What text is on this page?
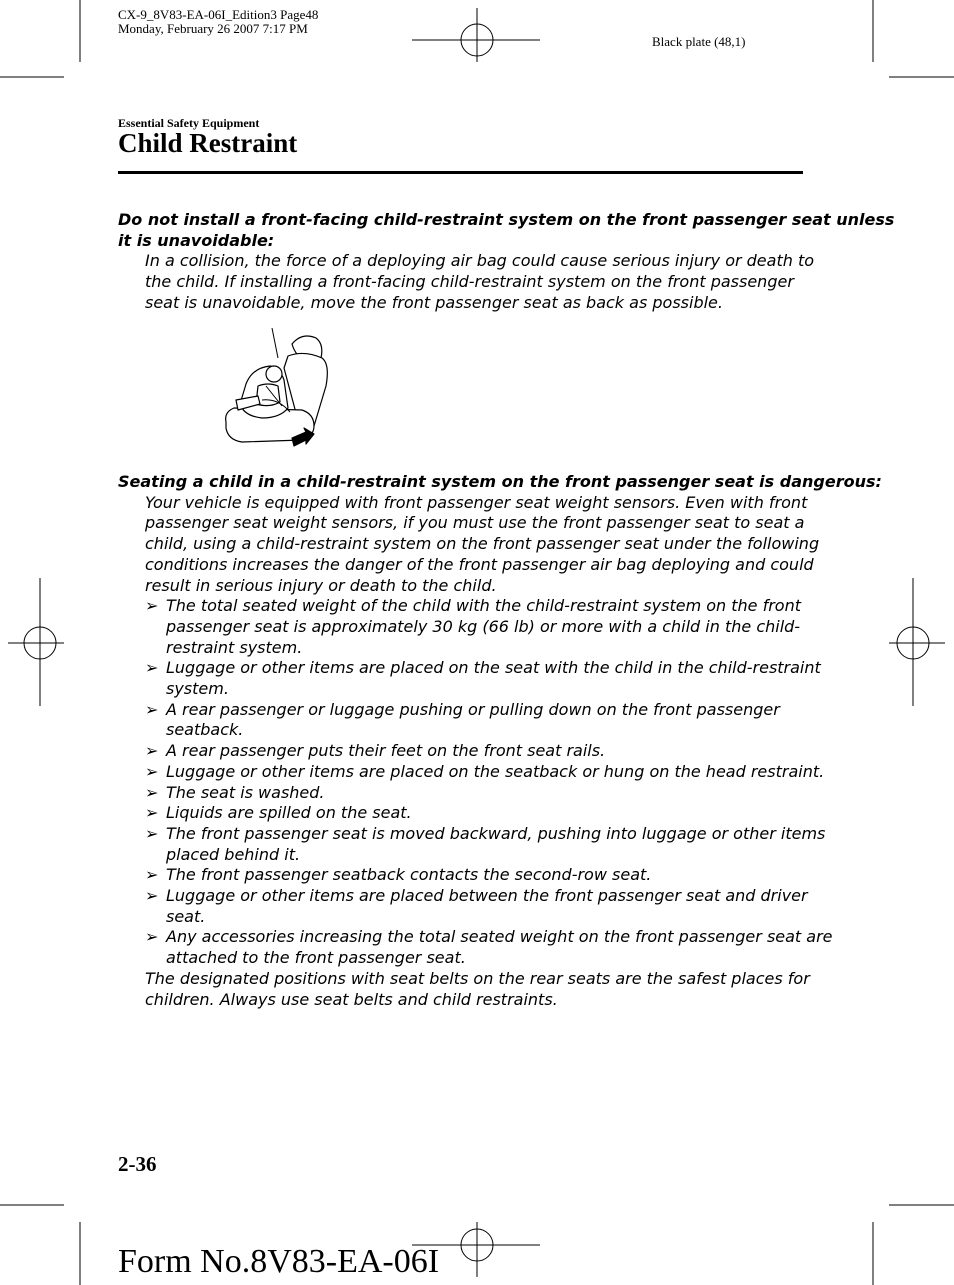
CX-9_8V83-EA-06I_Edition3 Page48
Monday, February 26 2007 7:17 PM
Black plate (48,1)
Essential Safety Equipment
Child Restraint
Do not install a front-facing child-restraint system on the front passenger seat unless
it is unavoidable:
In a collision, the force of a deploying air bag could cause serious injury or death to
the child. If installing a front-facing child-restraint system on the front passenger
seat is unavoidable, move the front passenger seat as back as possible.
Seating a child in a child-restraint system on the front passenger seat is dangerous:
Your vehicle is equipped with front passenger seat weight sensors. Even with front
passenger seat weight sensors, if you must use the front passenger seat to seat a
child, using a child-restraint system on the front passenger seat under the following
conditions increases the danger of the front passenger air bag deploying and could
result in serious injury or death to the child.
➢ The total seated weight of the child with the child-restraint system on the front
passenger seat is approximately 30 kg (66 lb) or more with a child in the child-
restraint system.
➢ Luggage or other items are placed on the seat with the child in the child-restraint
system.
➢ A rear passenger or luggage pushing or pulling down on the front passenger
seatback.
➢ A rear passenger puts their feet on the front seat rails.
➢ Luggage or other items are placed on the seatback or hung on the head restraint.
➢ The seat is washed.
➢ Liquids are spilled on the seat.
➢ The front passenger seat is moved backward, pushing into luggage or other items
placed behind it.
➢ The front passenger seatback contacts the second-row seat.
➢ Luggage or other items are placed between the front passenger seat and driver
seat.
➢ Any accessories increasing the total seated weight on the front passenger seat are
attached to the front passenger seat.
The designated positions with seat belts on the rear seats are the safest places for
children. Always use seat belts and child restraints.
2-36
Form No.8V83-EA-06I
